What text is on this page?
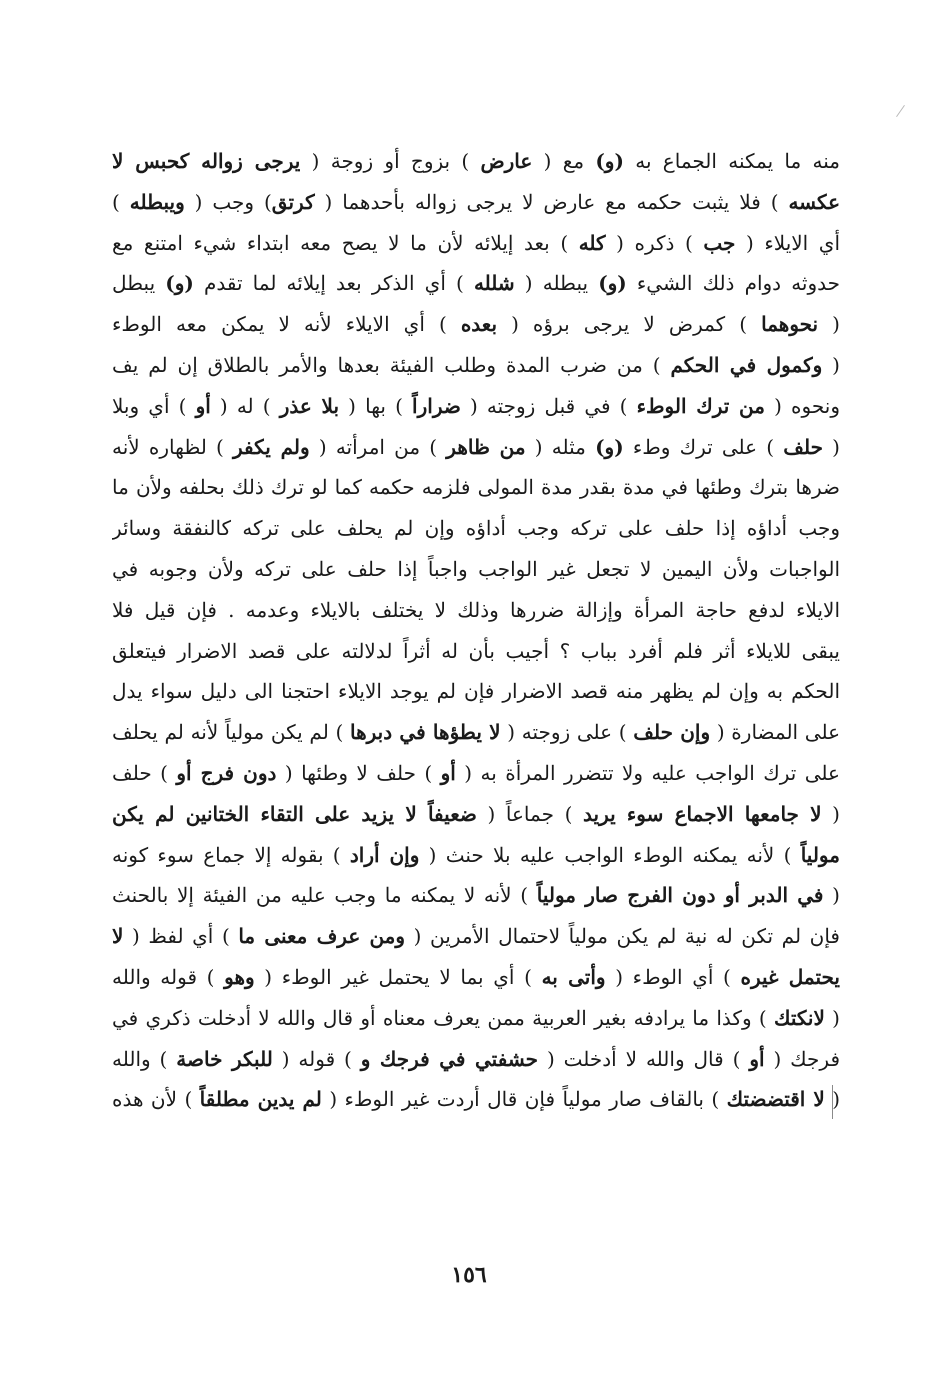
منه ما يمكنه الجماع به (و) مع ( عارض ) بزوج أو زوجة ( يرجى زواله كحبس لا
عكسه ) فلا يثبت حكمه مع عارض لا يرجى زواله بأحدهما ( كرتق) وجب ( ويبطله )
أي الايلاء ( جب ) ذكره ( كله ) بعد إيلائه لأن ما لا يصح معه ابتداء شيء امتنع مع
حدوثه دوام ذلك الشيء (و) يبطله ( شلله ) أي الذكر بعد إيلائه لما تقدم (و) يبطل
( نحوهما ) كمرض لا يرجى برؤه ( بعده ) أي الايلاء لأنه لا يمكن معه الوطء
( وكمول في الحكم ) من ضرب المدة وطلب الفيئة بعدها والأمر بالطلاق إن لم يف
ونحوه ( من ترك الوطء ) في قبل زوجته ( ضراراً ) بها ( بلا عذر ) له ( أو ) أي وبلا
( حلف ) على ترك وطء (و) مثله ( من ظاهر ) من امرأته ( ولم يكفر ) لظهاره لأنه
ضرها بترك وطئها في مدة بقدر مدة المولى فلزمه حكمه كما لو ترك ذلك بحلفه ولأن ما
وجب أداؤه إذا حلف على تركه وجب أداؤه وإن لم يحلف على تركه كالنفقة وسائر
الواجبات ولأن اليمين لا تجعل غير الواجب واجباً إذا حلف على تركه ولأن وجوبه في
الايلاء لدفع حاجة المرأة وإزالة ضررها وذلك لا يختلف بالايلاء وعدمه . فإن قيل فلا
يبقى للايلاء أثر فلم أفرد بباب ؟ أجيب بأن له أثراً لدلالته على قصد الاضرار فيتعلق
الحكم به وإن لم يظهر منه قصد الاضرار فإن لم يوجد الايلاء احتجنا الى دليل سواء يدل
على المضارة ( وإن حلف ) على زوجته ( لا يطؤها في دبرها ) لم يكن مولياً لأنه لم يحلف
على ترك الواجب عليه ولا تتضرر المرأة به ( أو ) حلف لا وطئها ( دون فرج أو ) حلف
( لا جامعها الاجماع سوء يريد ) جماعاً ( ضعيفاً لا يزيد على التقاء الختانين لم يكن
مولياً ) لأنه يمكنه الوطء الواجب عليه بلا حنث ( وإن أراد ) بقوله إلا جماع سوء كونه
( في الدبر أو دون الفرج صار مولياً ) لأنه لا يمكنه ما وجب عليه من الفيئة إلا بالحنث
فإن لم تكن له نية لم يكن مولياً لاحتمال الأمرين ( ومن عرف معنى ما ) أي لفظ ( لا
يحتمل غيره ) أي الوطء ( وأتى به ) أي بما لا يحتمل غير الوطء ( وهو ) قوله والله
( لانكتك ) وكذا ما يرادفه بغير العربية ممن يعرف معناه أو قال والله لا أدخلت ذكري في
فرجك ( أو ) قال والله لا أدخلت ( حشفتي في فرجك و ) قوله ( للبكر خاصة ) والله
( لا اقتضضتك ) بالقاف صار مولياً فإن قال أردت غير الوطء ( لم يدين مطلقاً ) لأن هذه
١٥٦
